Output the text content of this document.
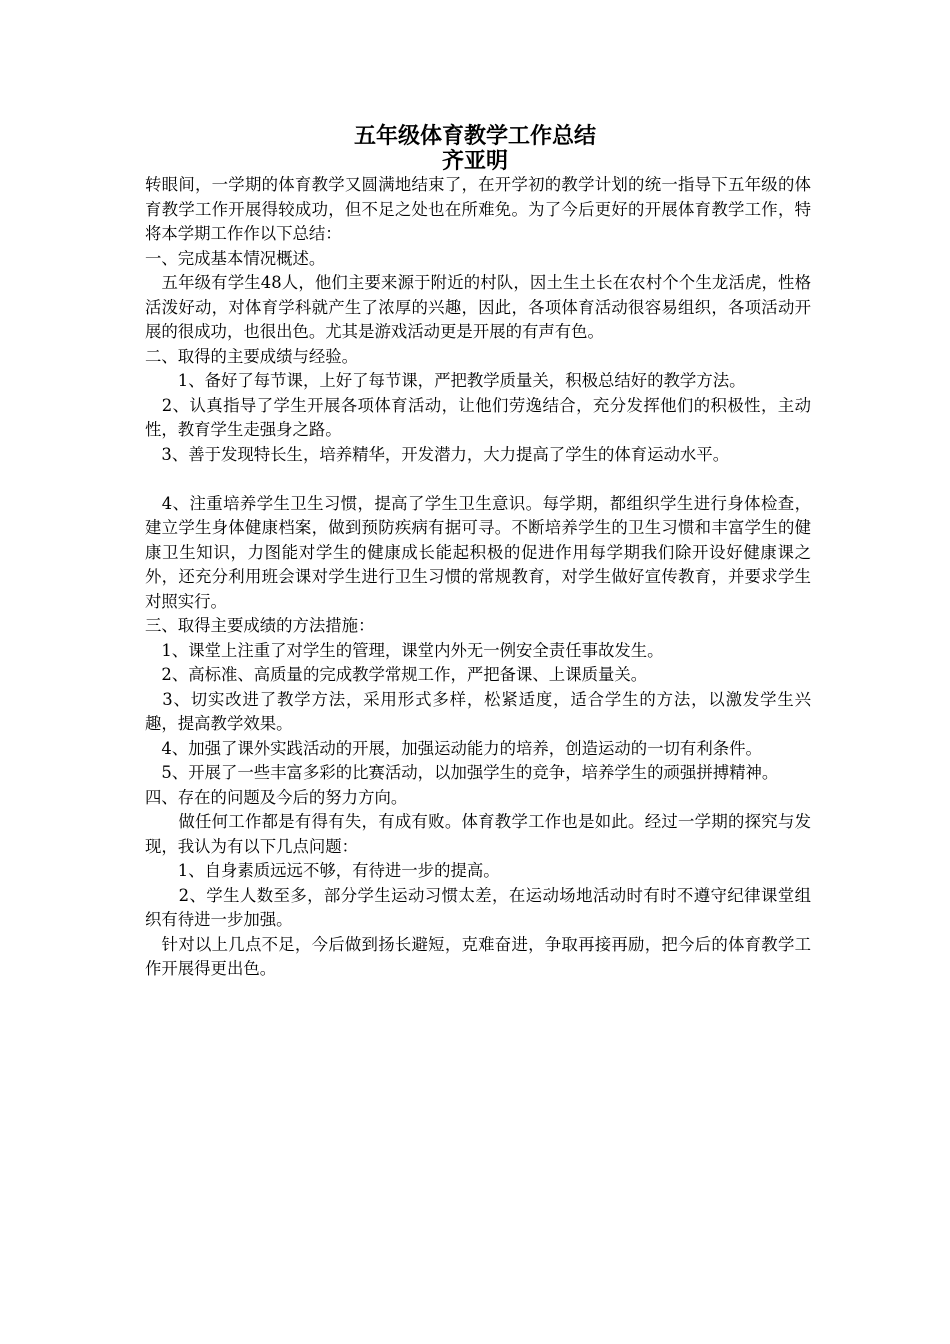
五年级体育教学工作总结
齐亚明

转眼间，一学期的体育教学又圆满地结束了，在开学初的教学计划的统一指导下五年级的体育教学工作开展得较成功，但不足之处也在所难免。为了今后更好的开展体育教学工作，特将本学期工作作以下总结：

一、完成基本情况概述。

　五年级有学生48人，他们主要来源于附近的村队，因土生土长在农村个个生龙活虎，性格活泼好动，对体育学科就产生了浓厚的兴趣，因此，各项体育活动很容易组织，各项活动开展的很成功，也很出色。尤其是游戏活动更是开展的有声有色。

二、取得的主要成绩与经验。

　　1、备好了每节课，上好了每节课，严把教学质量关，积极总结好的教学方法。

　2、认真指导了学生开展各项体育活动，让他们劳逸结合，充分发挥他们的积极性，主动性，教育学生走强身之路。

　3、善于发现特长生，培养精华，开发潜力，大力提高了学生的体育运动水平。

　4、注重培养学生卫生习惯，提高了学生卫生意识。每学期，都组织学生进行身体检查，建立学生身体健康档案，做到预防疾病有据可寻。不断培养学生的卫生习惯和丰富学生的健康卫生知识，力图能对学生的健康成长能起积极的促进作用每学期我们除开设好健康课之外，还充分利用班会课对学生进行卫生习惯的常规教育，对学生做好宣传教育，并要求学生对照实行。

三、取得主要成绩的方法措施：

　1、课堂上注重了对学生的管理，课堂内外无一例安全责任事故发生。

　2、高标准、高质量的完成教学常规工作，严把备课、上课质量关。

　3、切实改进了教学方法，采用形式多样，松紧适度，适合学生的方法，以激发学生兴趣，提高教学效果。

　4、加强了课外实践活动的开展，加强运动能力的培养，创造运动的一切有利条件。

　5、开展了一些丰富多彩的比赛活动，以加强学生的竞争，培养学生的顽强拼搏精神。

四、存在的问题及今后的努力方向。

　　做任何工作都是有得有失，有成有败。体育教学工作也是如此。经过一学期的探究与发现，我认为有以下几点问题：

　　1、自身素质远远不够，有待进一步的提高。

　　2、学生人数至多，部分学生运动习惯太差，在运动场地活动时有时不遵守纪律课堂组织有待进一步加强。

　针对以上几点不足，今后做到扬长避短，克难奋进，争取再接再励，把今后的体育教学工作开展得更出色。
